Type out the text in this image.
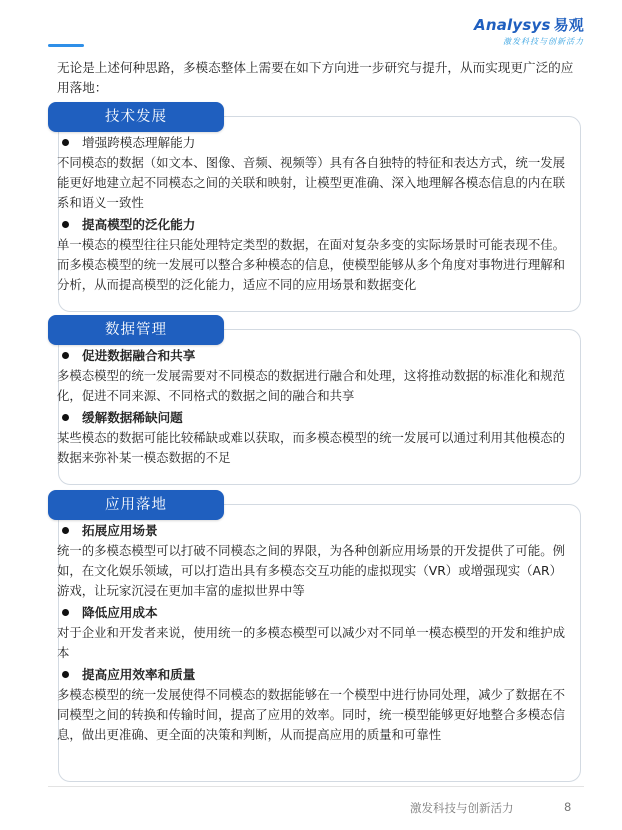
Analysys 易观
激发科技与创新活力
无论是上述何种思路，多模态整体上需要在如下方向进一步研究与提升，从而实现更广泛的应用落地：
技术发展
增强跨模态理解能力
不同模态的数据（如文本、图像、音频、视频等）具有各自独特的特征和表达方式，统一发展能更好地建立起不同模态之间的关联和映射，让模型更准确、深入地理解各模态信息的内在联系和语义一致性
提高模型的泛化能力
单一模态的模型往往只能处理特定类型的数据，在面对复杂多变的实际场景时可能表现不佳。而多模态模型的统一发展可以整合多种模态的信息，使模型能够从多个角度对事物进行理解和分析，从而提高模型的泛化能力，适应不同的应用场景和数据变化
数据管理
促进数据融合和共享
多模态模型的统一发展需要对不同模态的数据进行融合和处理，这将推动数据的标准化和规范化，促进不同来源、不同格式的数据之间的融合和共享
缓解数据稀缺问题
某些模态的数据可能比较稀缺或难以获取，而多模态模型的统一发展可以通过利用其他模态的数据来弥补某一模态数据的不足
应用落地
拓展应用场景
统一的多模态模型可以打破不同模态之间的界限，为各种创新应用场景的开发提供了可能。例如，在文化娱乐领域，可以打造出具有多模态交互功能的虚拟现实（VR）或增强现实（AR）游戏，让玩家沉浸在更加丰富的虚拟世界中等
降低应用成本
对于企业和开发者来说，使用统一的多模态模型可以减少对不同单一模态模型的开发和维护成本
提高应用效率和质量
多模态模型的统一发展使得不同模态的数据能够在一个模型中进行协同处理，减少了数据在不同模型之间的转换和传输时间，提高了应用的效率。同时，统一模型能够更好地整合多模态信息，做出更准确、更全面的决策和判断，从而提高应用的质量和可靠性
激发科技与创新活力	8
